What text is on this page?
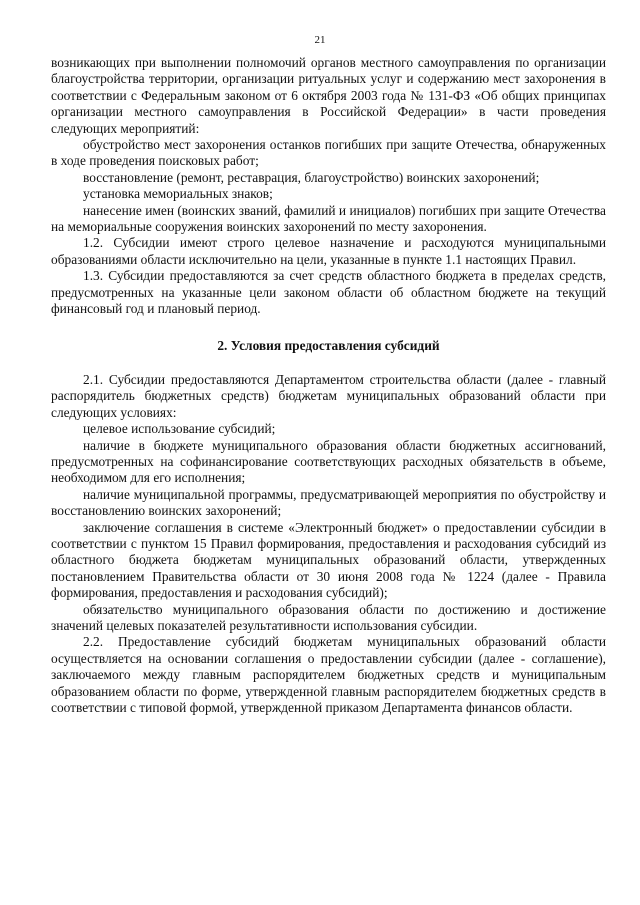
21

возникающих при выполнении полномочий органов местного самоуправления по организации благоустройства территории, организации ритуальных услуг и содержанию мест захоронения в соответствии с Федеральным законом от 6 октября 2003 года № 131-ФЗ «Об общих принципах организации местного самоуправления в Российской Федерации» в части проведения следующих мероприятий:

обустройство мест захоронения останков погибших при защите Отечества, обнаруженных в ходе проведения поисковых работ;

восстановление (ремонт, реставрация, благоустройство) воинских захоронений;

установка мемориальных знаков;

нанесение имен (воинских званий, фамилий и инициалов) погибших при защите Отечества на мемориальные сооружения воинских захоронений по месту захоронения.

1.2. Субсидии имеют строго целевое назначение и расходуются муниципальными образованиями области исключительно на цели, указанные в пункте 1.1 настоящих Правил.

1.3. Субсидии предоставляются за счет средств областного бюджета в пределах средств, предусмотренных на указанные цели законом области об областном бюджете на текущий финансовый год и плановый период.

2. Условия предоставления субсидий

2.1. Субсидии предоставляются Департаментом строительства области (далее - главный распорядитель бюджетных средств) бюджетам муниципальных образований области при следующих условиях:

целевое использование субсидий;

наличие в бюджете муниципального образования области бюджетных ассигнований, предусмотренных на софинансирование соответствующих расходных обязательств в объеме, необходимом для его исполнения;

наличие муниципальной программы, предусматривающей мероприятия по обустройству и восстановлению воинских захоронений;

заключение соглашения в системе «Электронный бюджет» о предоставлении субсидии в соответствии с пунктом 15 Правил формирования, предоставления и расходования субсидий из областного бюджета бюджетам муниципальных образований области, утвержденных постановлением Правительства области от 30 июня 2008 года № 1224 (далее - Правила формирования, предоставления и расходования субсидий);

обязательство муниципального образования области по достижению и достижение значений целевых показателей результативности использования субсидии.

2.2. Предоставление субсидий бюджетам муниципальных образований области осуществляется на основании соглашения о предоставлении субсидии (далее - соглашение), заключаемого между главным распорядителем бюджетных средств и муниципальным образованием области по форме, утвержденной главным распорядителем бюджетных средств в соответствии с типовой формой, утвержденной приказом Департамента финансов области.
